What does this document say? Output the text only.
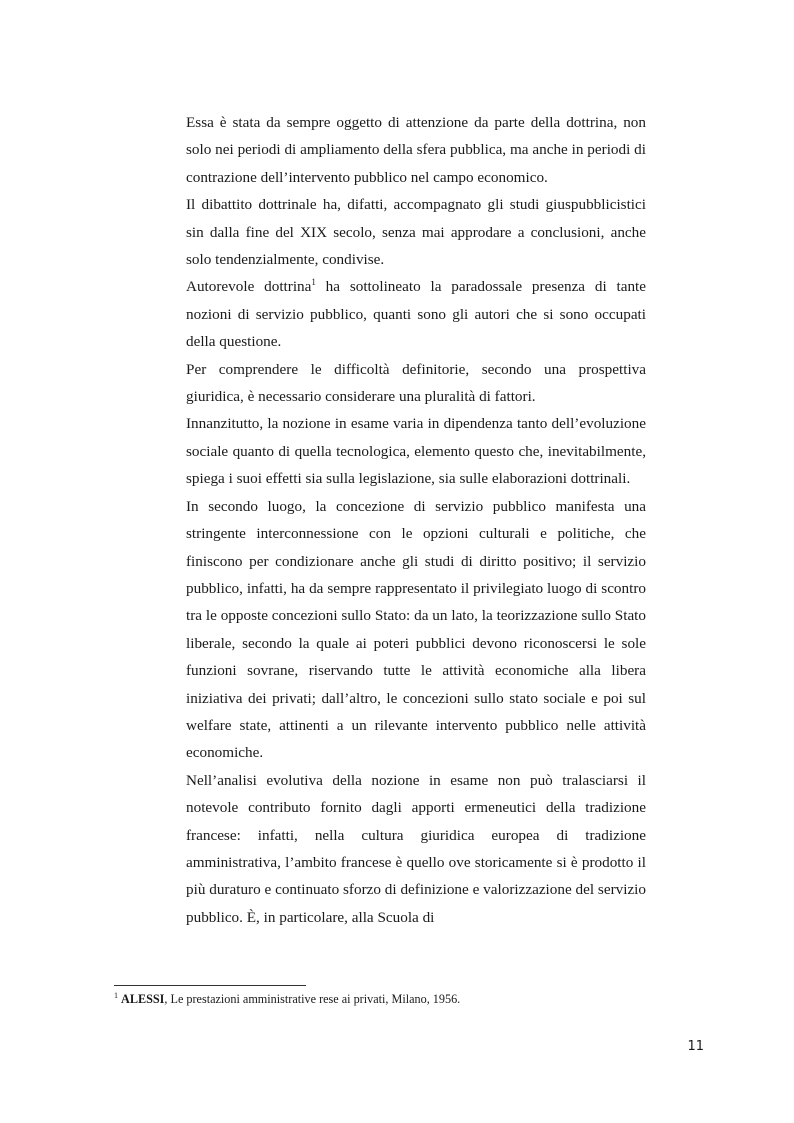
Essa è stata da sempre oggetto di attenzione da parte della dottrina, non solo nei periodi di ampliamento della sfera pubblica, ma anche in periodi di contrazione dell’intervento pubblico nel campo economico.

Il dibattito dottrinale ha, difatti, accompagnato gli studi giuspubblicistici sin dalla fine del XIX secolo, senza mai approdare a conclusioni, anche solo tendenzialmente, condivise.

Autorevole dottrina$^1$ ha sottolineato la paradossale presenza di tante nozioni di servizio pubblico, quanti sono gli autori che si sono occupati della questione.

Per comprendere le difficoltà definitorie, secondo una prospettiva giuridica, è necessario considerare una pluralità di fattori.

Innanzitutto, la nozione in esame varia in dipendenza tanto dell’evoluzione sociale quanto di quella tecnologica, elemento questo che, inevitabilmente, spiega i suoi effetti sia sulla legislazione, sia sulle elaborazioni dottrinali.

In secondo luogo, la concezione di servizio pubblico manifesta una stringente interconnessione con le opzioni culturali e politiche, che finiscono per condizionare anche gli studi di diritto positivo; il servizio pubblico, infatti, ha da sempre rappresentato il privilegiato luogo di scontro tra le opposte concezioni sullo Stato: da un lato, la teorizzazione sullo Stato liberale, secondo la quale ai poteri pubblici devono riconoscersi le sole funzioni sovrane, riservando tutte le attività economiche alla libera iniziativa dei privati; dall’altro, le concezioni sullo stato sociale e poi sul welfare state, attinenti a un rilevante intervento pubblico nelle attività economiche.

Nell’analisi evolutiva della nozione in esame non può tralasciarsi il notevole contributo fornito dagli apporti ermeneutici della tradizione francese: infatti, nella cultura giuridica europea di tradizione amministrativa, l’ambito francese è quello ove storicamente si è prodotto il più duraturo e continuato sforzo di definizione e valorizzazione del servizio pubblico. È, in particolare, alla Scuola di

$^1$ ALESSI, Le prestazioni amministrative rese ai privati, Milano, 1956.

11
